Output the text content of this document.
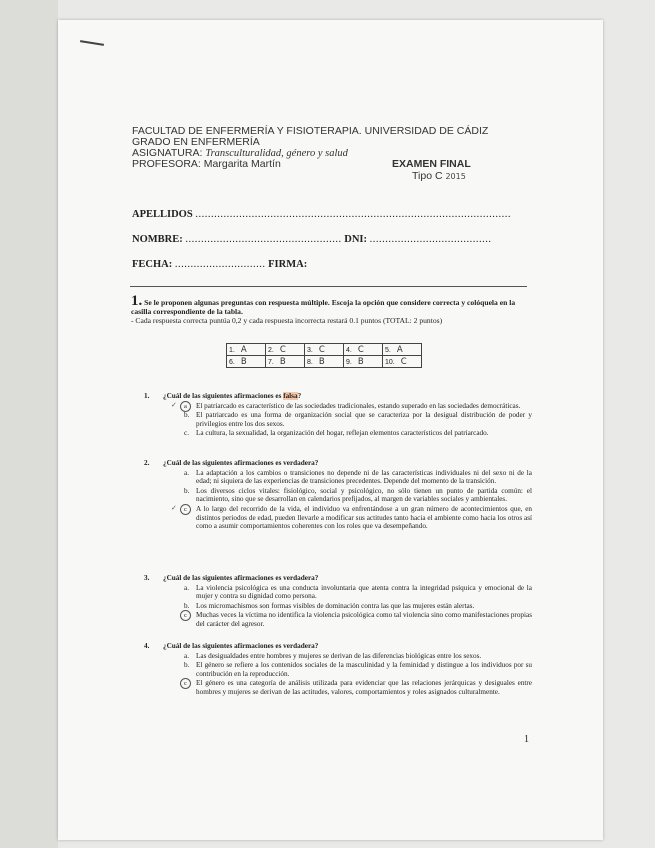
FACULTAD DE ENFERMERÍA Y FISIOTERAPIA. UNIVERSIDAD DE CÁDIZ
GRADO EN ENFERMERÍA
ASIGNATURA: Transculturalidad, género y salud
PROFESORA: Margarita Martín	EXAMEN FINAL
Tipo C 2015
APELLIDOS .....................................................................................................
NOMBRE: .................................................. DNI: .......................................
FECHA: ............................. FIRMA:
1. Se le proponen algunas preguntas con respuesta múltiple. Escoja la opción que considere correcta y colóquela en la casilla correspondiente de la tabla.
- Cada respuesta correcta puntúa 0,2 y cada respuesta incorrecta restará 0.1 puntos (TOTAL: 2 puntos)
1. A	2. C	3. C	4. C	5. A
6. B	7. B	8. B	9. B	10. C
1. ¿Cuál de las siguientes afirmaciones es falsa?
✓	a	El patriarcado es característico de las sociedades tradicionales, estando superado en las sociedades democráticas.
b. El patriarcado es una forma de organización social que se caracteriza por la desigual distribución de poder y privilegios entre los dos sexos.
c. La cultura, la sexualidad, la organización del hogar, reflejan elementos característicos del patriarcado.
2. ¿Cuál de las siguientes afirmaciones es verdadera?
a. La adaptación a los cambios o transiciones no depende ni de las características individuales ni del sexo ni de la edad; ni siquiera de las experiencias de transiciones precedentes. Depende del momento de la transición.
b. Los diversos ciclos vitales: fisiológico, social y psicológico, no sólo tienen un punto de partida común: el nacimiento, sino que se desarrollan en calendarios prefijados, al margen de variables sociales y ambientales.
✓	c	A lo largo del recorrido de la vida, el individuo va enfrentándose a un gran número de acontecimientos que, en distintos periodos de edad, pueden llevarle a modificar sus actitudes tanto hacia el ambiente como hacia los otros así como a asumir comportamientos coherentes con los roles que va desempeñando.
3. ¿Cuál de las siguientes afirmaciones es verdadera?
a. La violencia psicológica es una conducta involuntaria que atenta contra la integridad psíquica y emocional de la mujer y contra su dignidad como persona.
b. Los micromachismos son formas visibles de dominación contra las que las mujeres están alertas.
c	Muchas veces la víctima no identifica la violencia psicológica como tal violencia sino como manifestaciones propias del carácter del agresor.
4. ¿Cuál de las siguientes afirmaciones es verdadera?
a. Las desigualdades entre hombres y mujeres se derivan de las diferencias biológicas entre los sexos.
b. El género se refiere a los contenidos sociales de la masculinidad y la feminidad y distingue a los individuos por su contribución en la reproducción.
c	El género es una categoría de análisis utilizada para evidenciar que las relaciones jerárquicas y desiguales entre hombres y mujeres se derivan de las actitudes, valores, comportamientos y roles asignados culturalmente.
1
